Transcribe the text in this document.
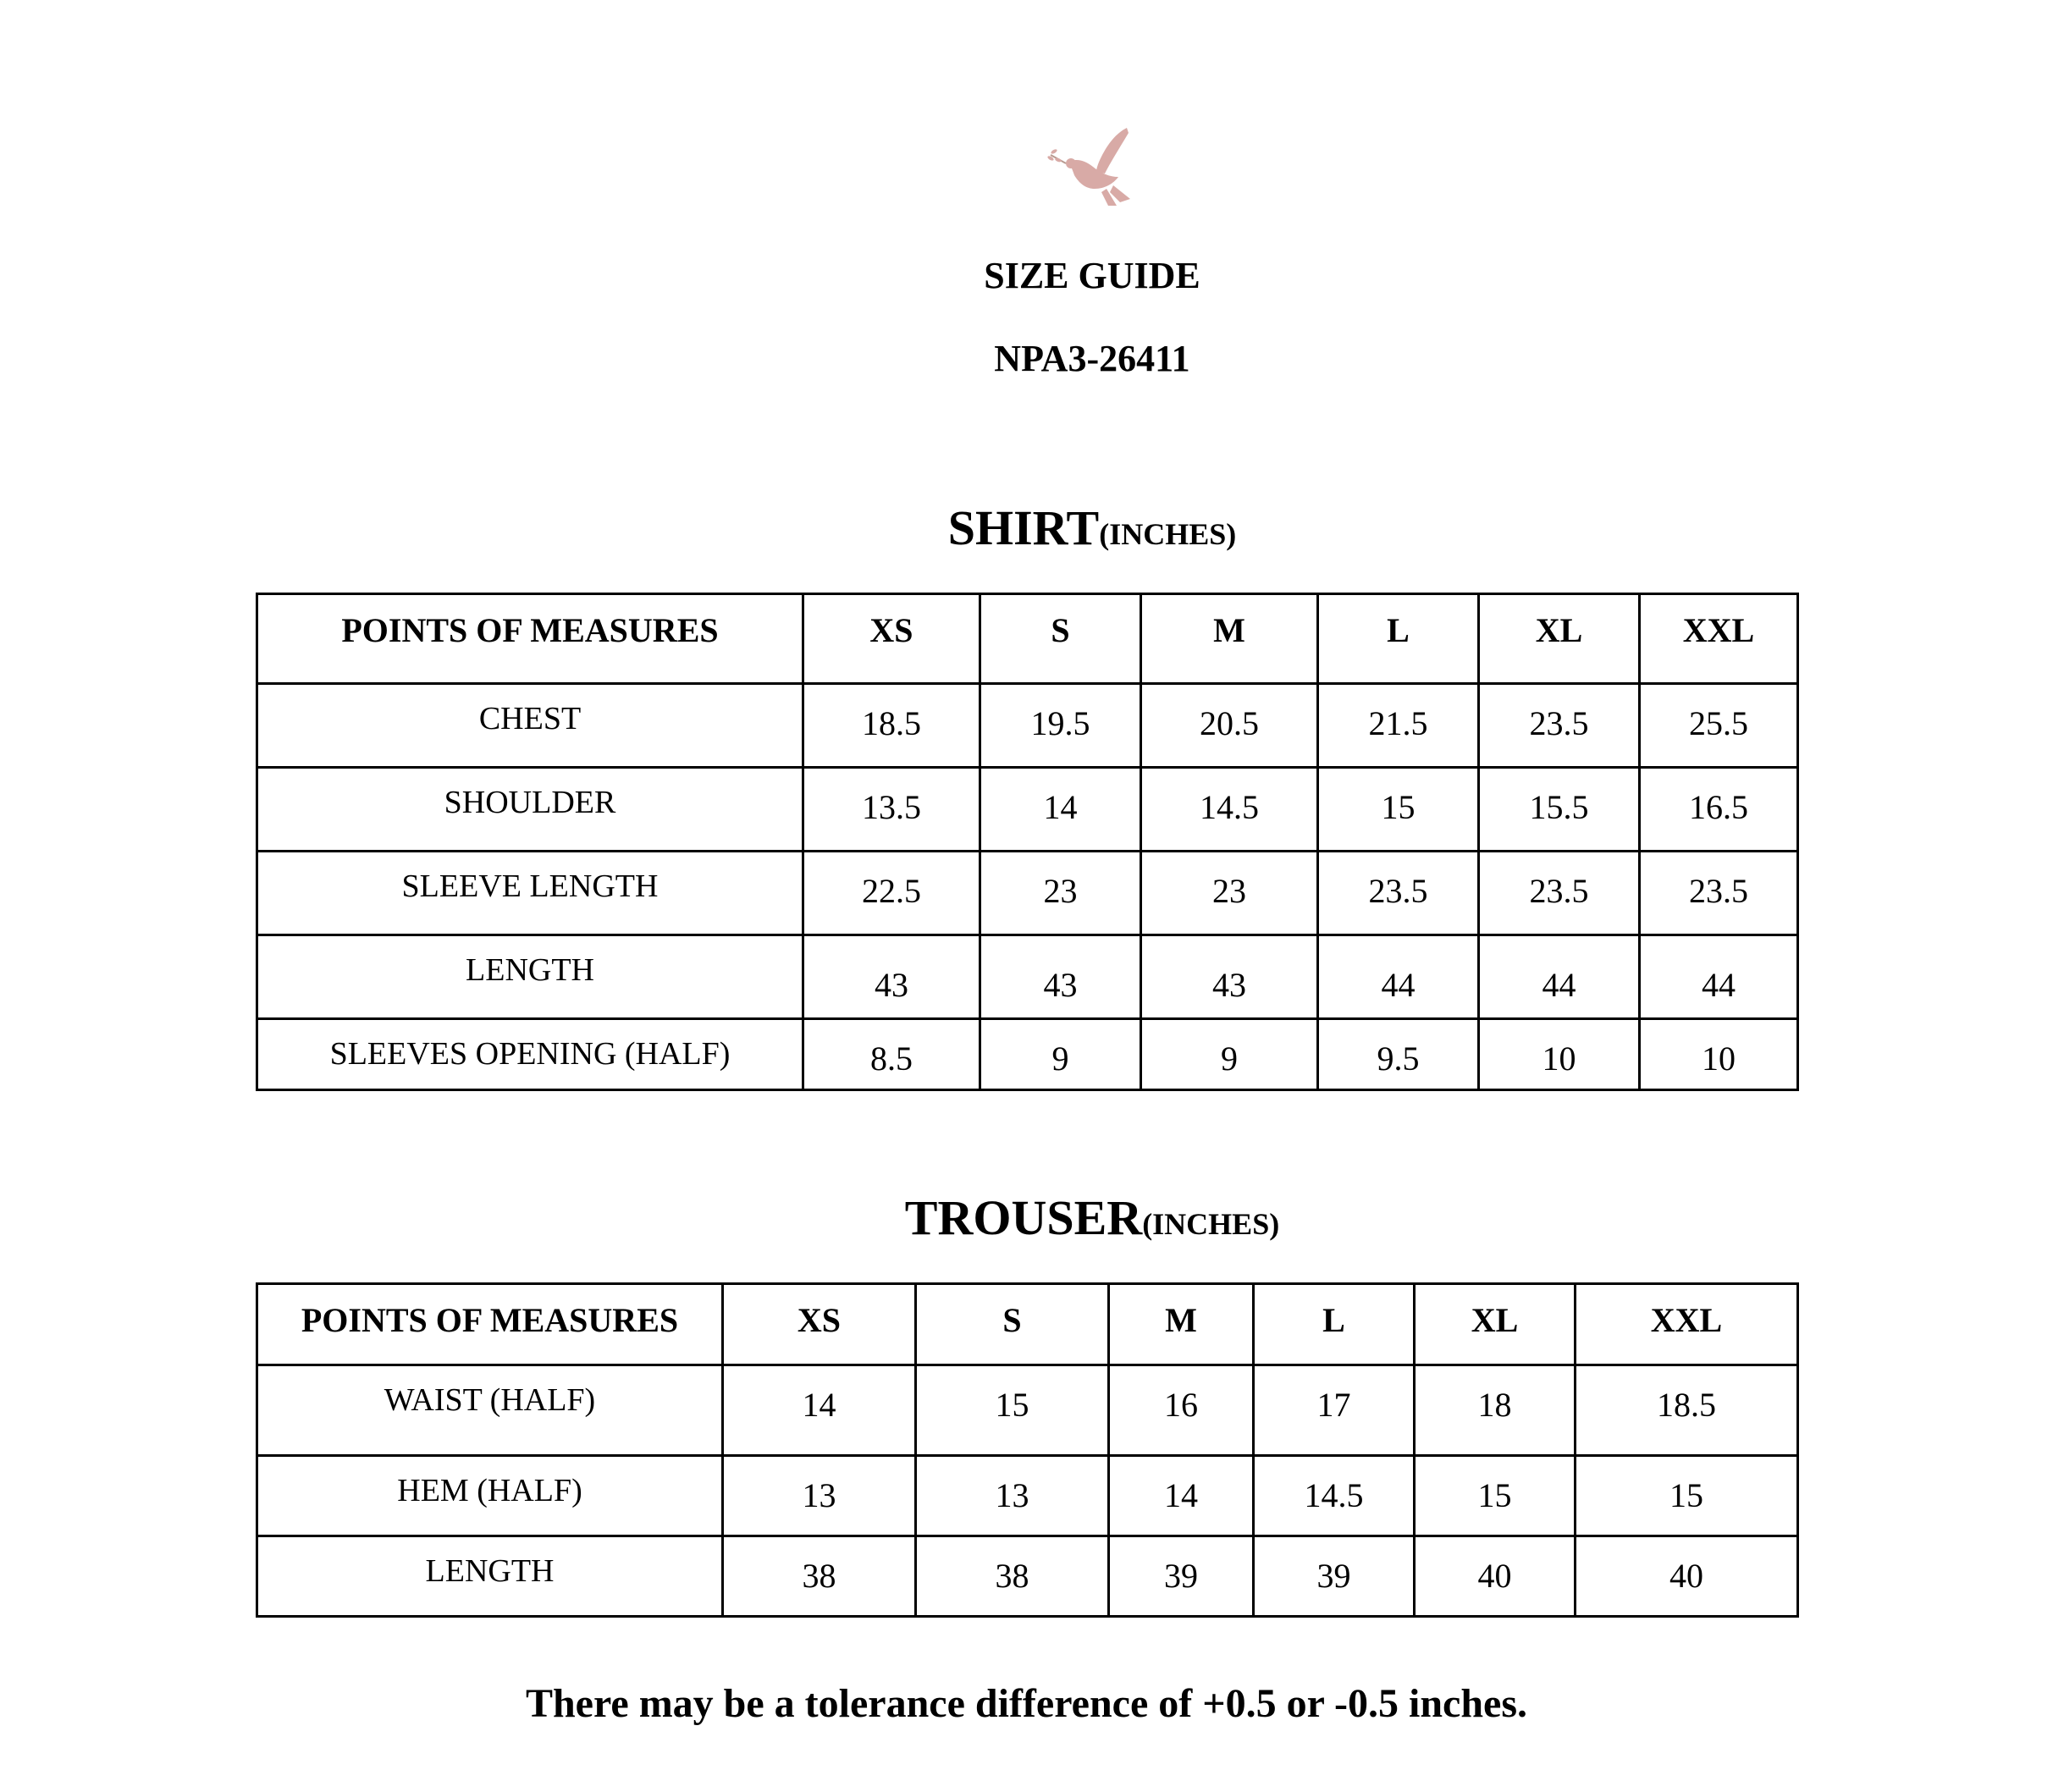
SIZE GUIDE
NPA3-26411
SHIRT(INCHES)
POINTS OF MEASURES	XS	S	M	L	XL	XXL
CHEST	18.5	19.5	20.5	21.5	23.5	25.5
SHOULDER	13.5	14	14.5	15	15.5	16.5
SLEEVE LENGTH	22.5	23	23	23.5	23.5	23.5
LENGTH	43	43	43	44	44	44
SLEEVES OPENING (HALF)	8.5	9	9	9.5	10	10
TROUSER(INCHES)
POINTS OF MEASURES	XS	S	M	L	XL	XXL
WAIST (HALF)	14	15	16	17	18	18.5
HEM (HALF)	13	13	14	14.5	15	15
LENGTH	38	38	39	39	40	40

There may be a tolerance difference of +0.5 or -0.5 inches.
